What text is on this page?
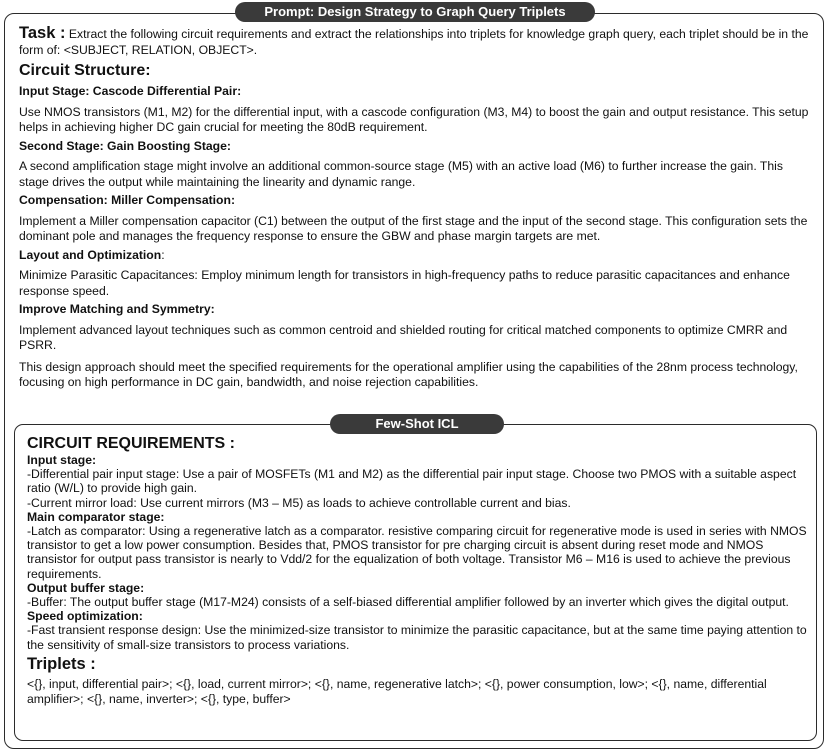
Prompt: Design Strategy to Graph Query Triplets

Task : Extract the following circuit requirements and extract the relationships into triplets for knowledge graph query, each triplet should be in the form of: <SUBJECT, RELATION, OBJECT>.

Circuit Structure:
Input Stage: Cascode Differential Pair:

Use NMOS transistors (M1, M2) for the differential input, with a cascode configuration (M3, M4) to boost the gain and output resistance. This setup helps in achieving higher DC gain crucial for meeting the 80dB requirement.

Second Stage: Gain Boosting Stage:

A second amplification stage might involve an additional common-source stage (M5) with an active load (M6) to further increase the gain. This stage drives the output while maintaining the linearity and dynamic range.

Compensation: Miller Compensation:

Implement a Miller compensation capacitor (C1) between the output of the first stage and the input of the second stage. This configuration sets the dominant pole and manages the frequency response to ensure the GBW and phase margin targets are met.

Layout and Optimization:

Minimize Parasitic Capacitances: Employ minimum length for transistors in high-frequency paths to reduce parasitic capacitances and enhance response speed.

Improve Matching and Symmetry:

Implement advanced layout techniques such as common centroid and shielded routing for critical matched components to optimize CMRR and PSRR.

This design approach should meet the specified requirements for the operational amplifier using the capabilities of the 28nm process technology, focusing on high performance in DC gain, bandwidth, and noise rejection capabilities.

Few-Shot ICL
CIRCUIT REQUIREMENTS :
Input stage:

-Differential pair input stage: Use a pair of MOSFETs (M1 and M2) as the differential pair input stage. Choose two PMOS with a suitable aspect ratio (W/L) to provide high gain.

-Current mirror load: Use current mirrors (M3 – M5) as loads to achieve controllable current and bias.

Main comparator stage:

-Latch as comparator: Using a regenerative latch as a comparator. resistive comparing circuit for regenerative mode is used in series with NMOS transistor to get a low power consumption. Besides that, PMOS transistor for pre charging circuit is absent during reset mode and NMOS transistor for output pass transistor is nearly to Vdd/2 for the equalization of both voltage. Transistor M6 – M16 is used to achieve the previous requirements.

Output buffer stage:

-Buffer: The output buffer stage (M17-M24) consists of a self-biased differential amplifier followed by an inverter which gives the digital output.

Speed optimization:

-Fast transient response design: Use the minimized-size transistor to minimize the parasitic capacitance, but at the same time paying attention to the sensitivity of small-size transistors to process variations.

Triplets :

<{}, input, differential pair>; <{}, load, current mirror>; <{}, name, regenerative latch>; <{}, power consumption, low>; <{}, name, differential amplifier>; <{}, name, inverter>; <{}, type, buffer>
